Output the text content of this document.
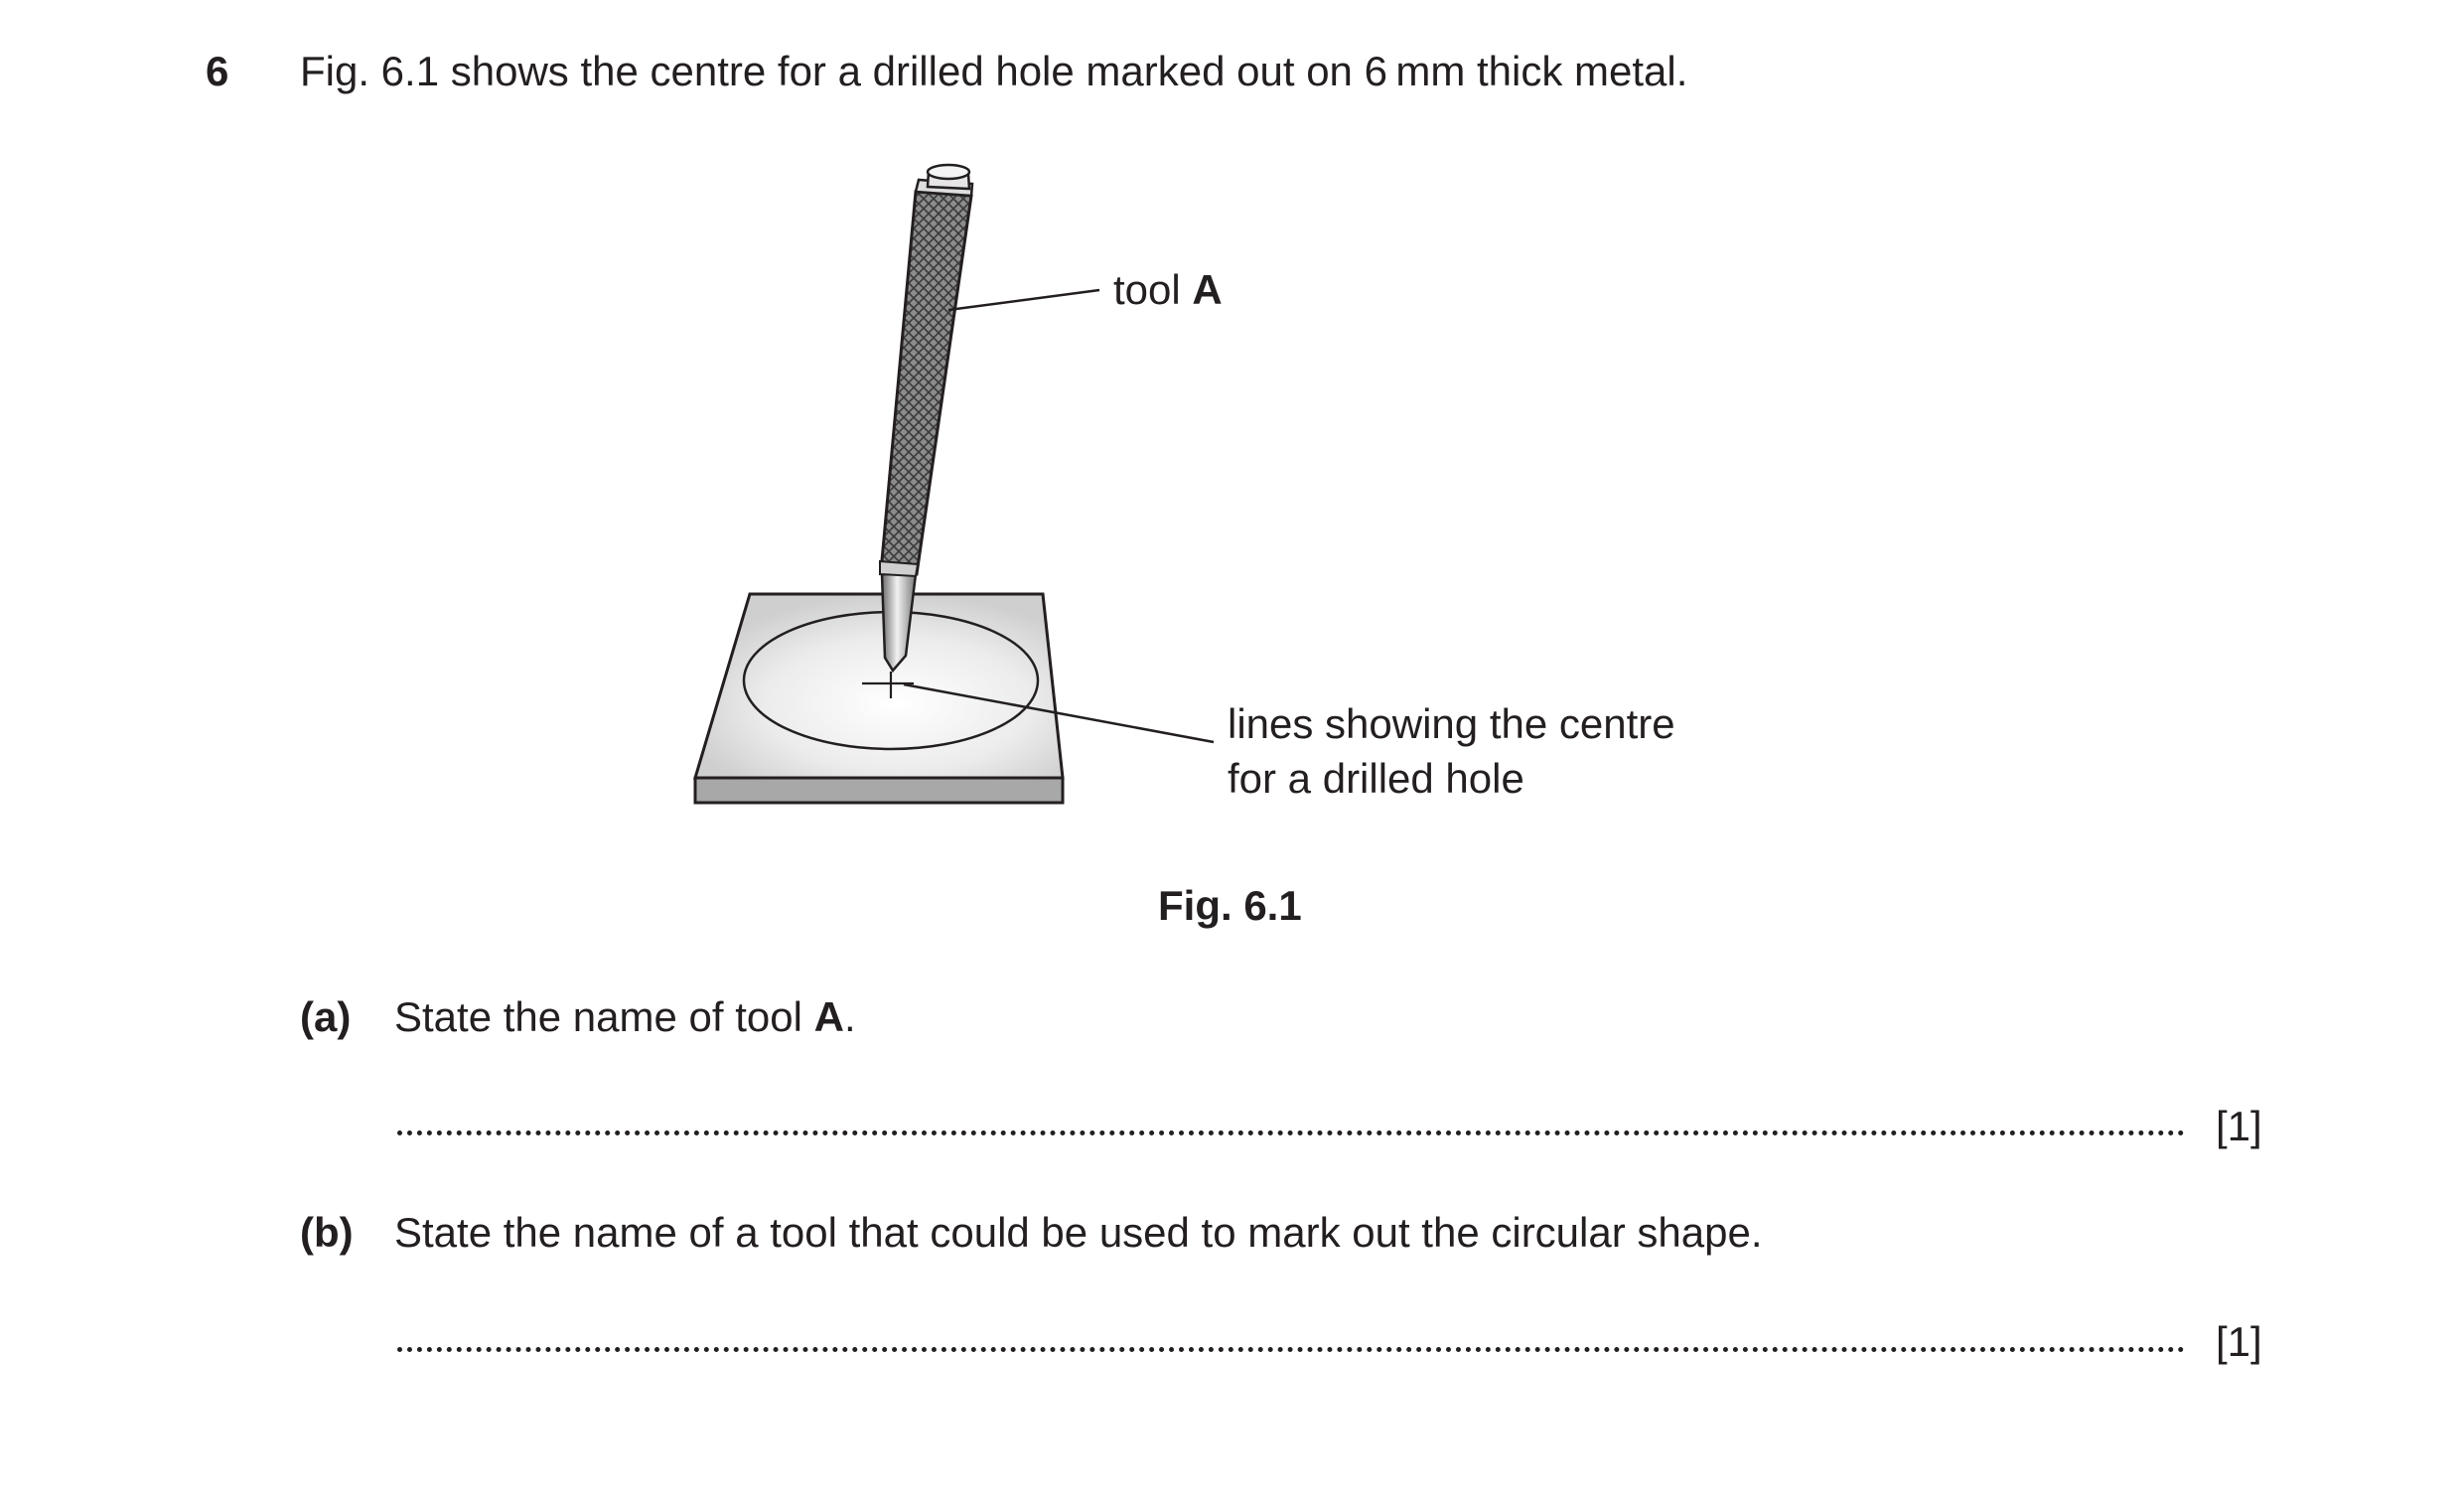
6 Fig. 6.1 shows the centre for a drilled hole marked out on 6 mm thick metal.
tool A
lines showing the centre
for a drilled hole
Fig. 6.1
(a) State the name of tool A.
[1]
(b) State the name of a tool that could be used to mark out the circular shape.
[1]
